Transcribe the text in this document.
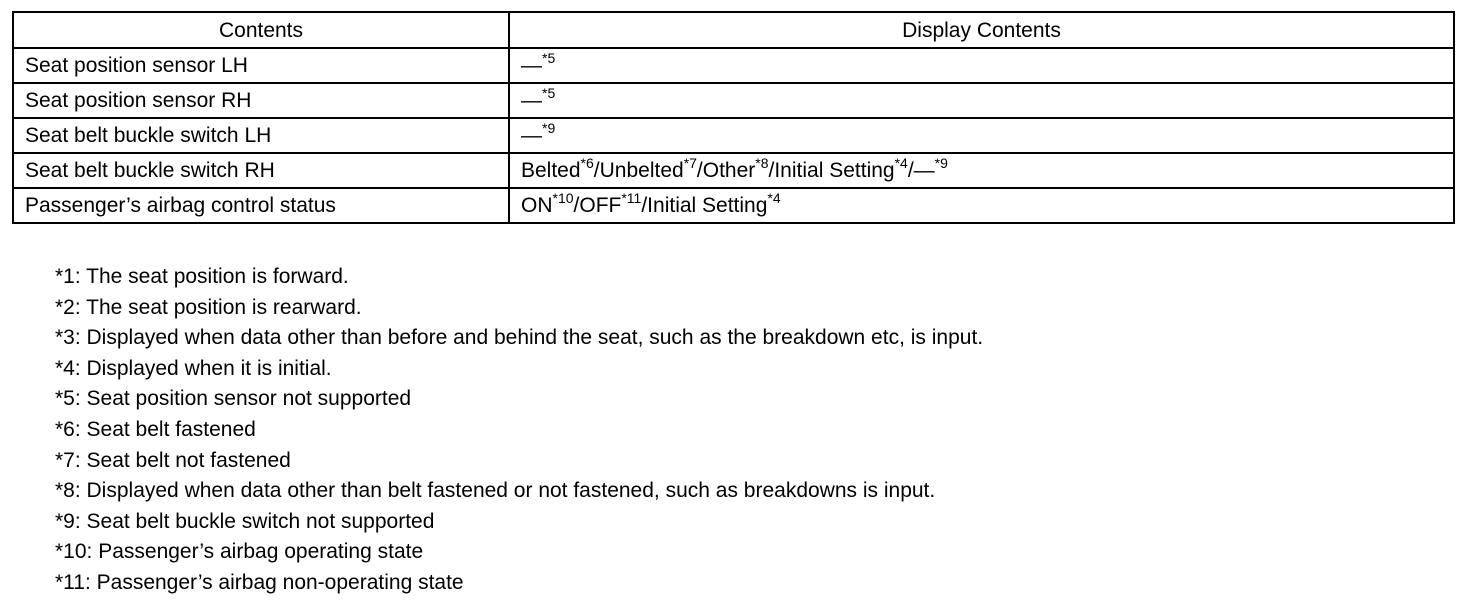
Contents	Display Contents
Seat position sensor LH	—$^{*5}$
Seat position sensor RH	—$^{*5}$
Seat belt buckle switch LH	—$^{*9}$
Seat belt buckle switch RH	Belted$^{*6}$/Unbelted$^{*7}$/Other$^{*8}$/Initial Setting$^{*4}$/—$^{*9}$
Passenger’s airbag control status	ON$^{*10}$/OFF$^{*11}$/Initial Setting$^{*4}$
*1: The seat position is forward.
*2: The seat position is rearward.
*3: Displayed when data other than before and behind the seat, such as the breakdown etc, is input.
*4: Displayed when it is initial.
*5: Seat position sensor not supported
*6: Seat belt fastened
*7: Seat belt not fastened
*8: Displayed when data other than belt fastened or not fastened, such as breakdowns is input.
*9: Seat belt buckle switch not supported
*10: Passenger’s airbag operating state
*11: Passenger’s airbag non-operating state
